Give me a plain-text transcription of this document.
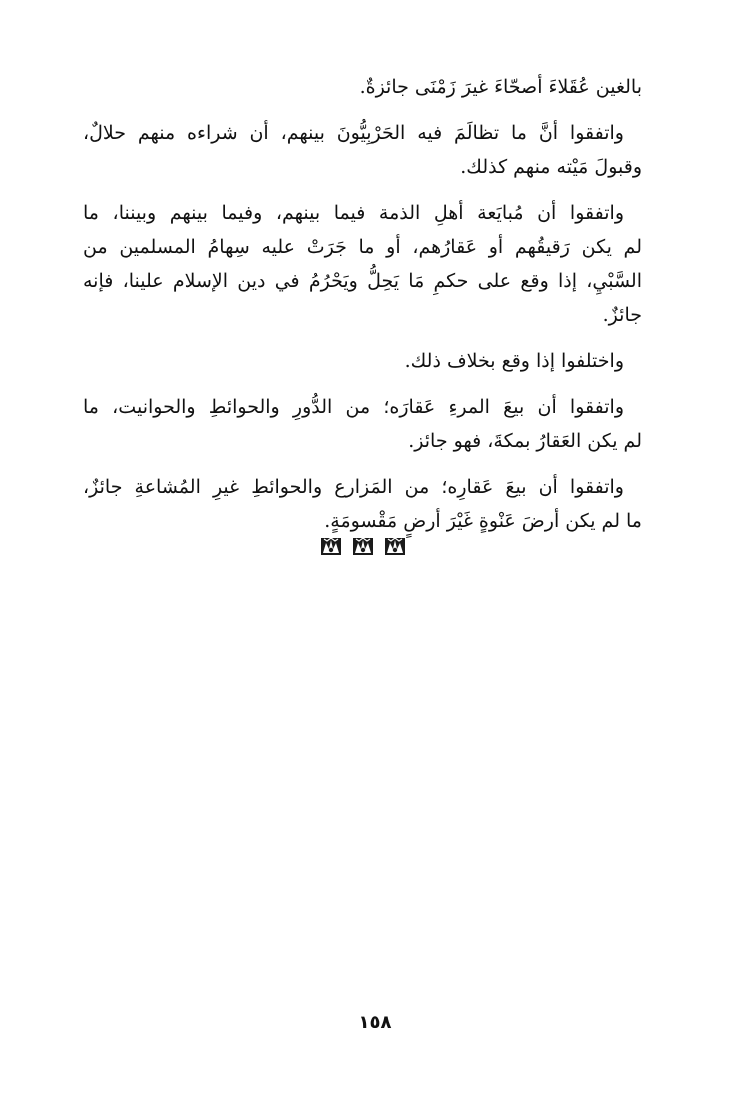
بالغين عُقَلاءَ أصحّاءَ غيرَ زَمْنَى جائزةٌ.

واتفقوا أنَّ ما تظالَمَ فيه الحَرْبِيُّونَ بينهم، أن شراءه منهم حلالٌ،
وقبولَ مَيْته منهم كذلك.

واتفقوا أن مُبايَعة أهلِ الذمة فيما بينهم، وفيما بينهم وبيننا، ما
لم يكن رَقيقُهم أو عَقارُهم، أو ما جَرَتْ عليه سِهامُ المسلمين من
السَّبْيِ، إذا وقع على حكمِ مَا يَحِلُّ ويَحْرُمُ في دين الإسلام علينا، فإنه
جائزٌ.

واختلفوا إذا وقع بخلاف ذلك.

واتفقوا أن بيعَ المرءِ عَقارَه؛ من الدُّورِ والحوائطِ والحوانيت، ما
لم يكن العَقارُ بمكةَ، فهو جائز.

واتفقوا أن بيعَ عَقارِه؛ من المَزارع والحوائطِ غيرِ المُشاعةِ جائزٌ،
ما لم يكن أرضَ عَنْوةٍ غَيْرَ أرضٍ مَقْسومَةٍ.

١٥٨
